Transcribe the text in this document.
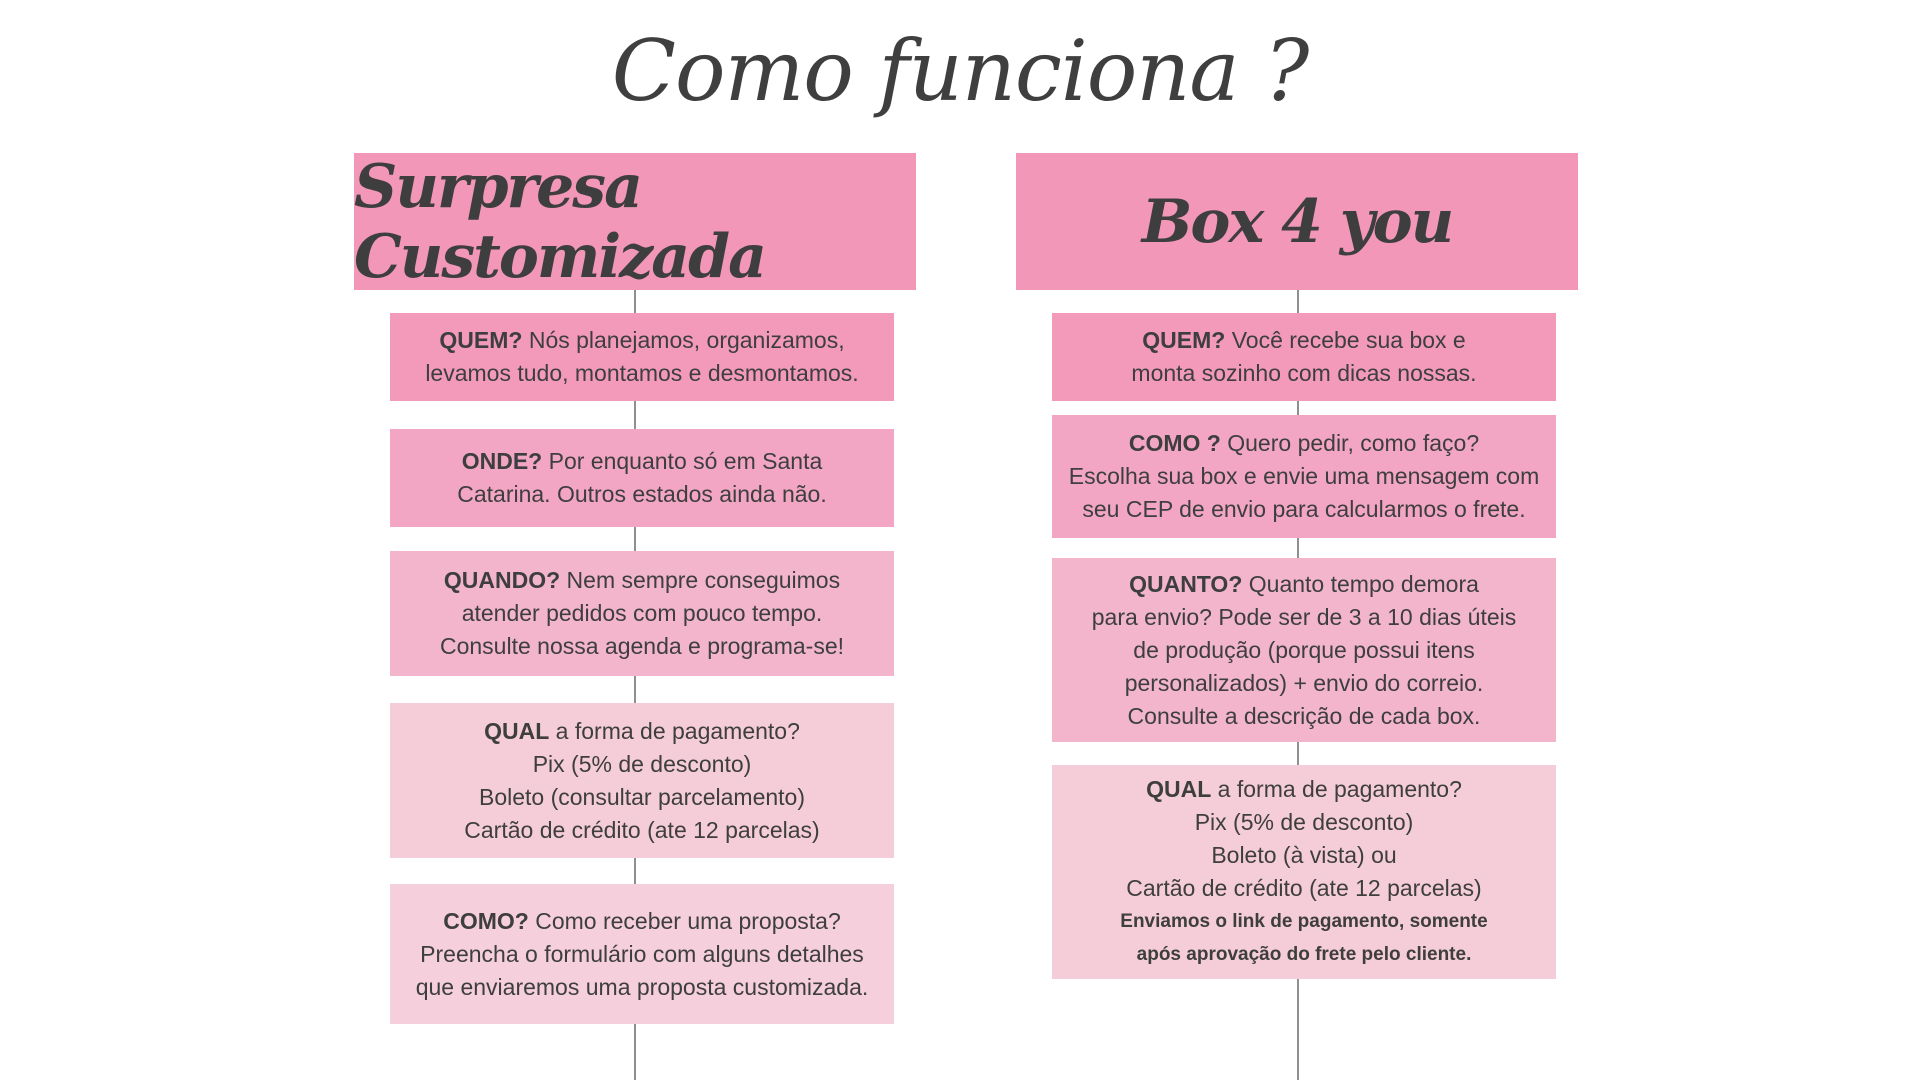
Como funciona ?
Surpresa Customizada
QUEM? Nós planejamos, organizamos,
levamos tudo, montamos e desmontamos.
ONDE? Por enquanto só em Santa
Catarina. Outros estados ainda não.
QUANDO? Nem sempre conseguimos
atender pedidos com pouco tempo.
Consulte nossa agenda e programa-se!
QUAL a forma de pagamento?
Pix (5% de desconto)
Boleto (consultar parcelamento)
Cartão de crédito (ate 12 parcelas)
COMO? Como receber uma proposta?
Preencha o formulário com alguns detalhes
que enviaremos uma proposta customizada.
Box 4 you
QUEM? Você recebe sua box e
monta sozinho com dicas nossas.
COMO ? Quero pedir, como faço?
Escolha sua box e envie uma mensagem com
seu CEP de envio para calcularmos o frete.
QUANTO? Quanto tempo demora
para envio? Pode ser de 3 a 10 dias úteis
de produção (porque possui itens
personalizados) + envio do correio.
Consulte a descrição de cada box.
QUAL a forma de pagamento?
Pix (5% de desconto)
Boleto (à vista) ou
Cartão de crédito (ate 12 parcelas)
Enviamos o link de pagamento, somente
após aprovação do frete pelo cliente.
